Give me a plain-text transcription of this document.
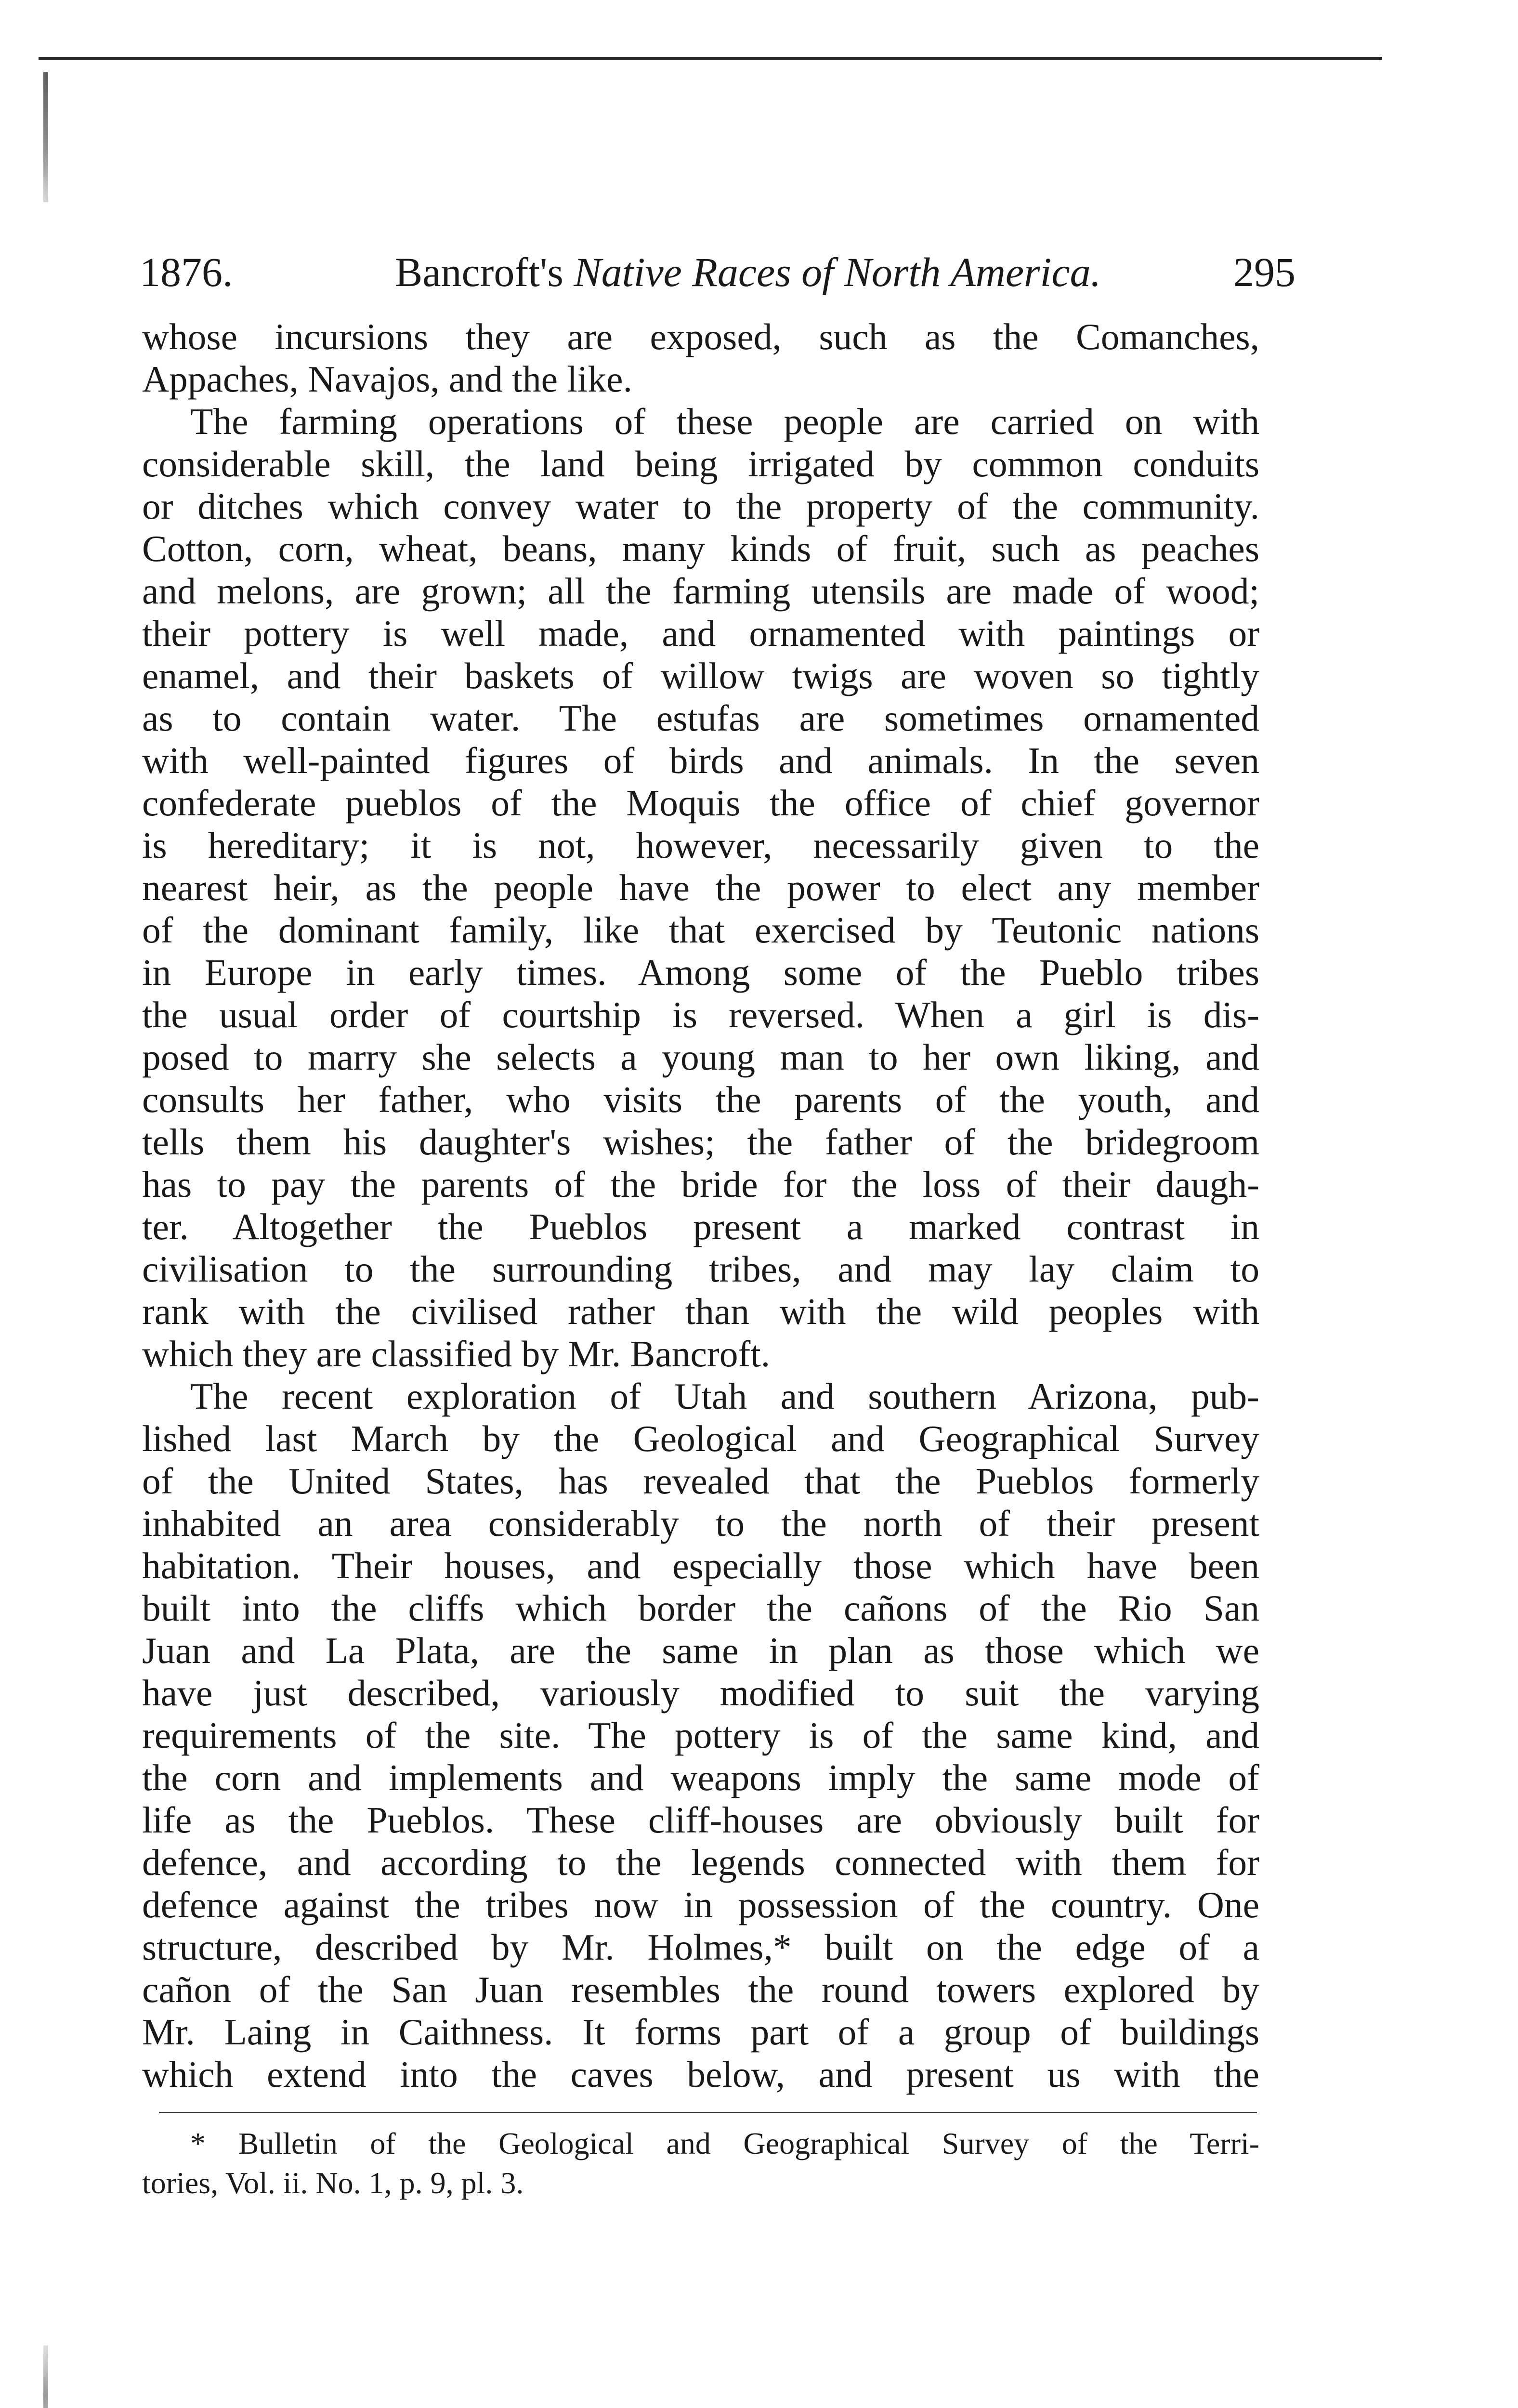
1876.	Bancroft's Native Races of North America.	295
whose incursions they are exposed, such as the Comanches,
Appaches, Navajos, and the like.
The farming operations of these people are carried on with
considerable skill, the land being irrigated by common conduits
or ditches which convey water to the property of the community.
Cotton, corn, wheat, beans, many kinds of fruit, such as peaches
and melons, are grown; all the farming utensils are made of wood;
their pottery is well made, and ornamented with paintings or
enamel, and their baskets of willow twigs are woven so tightly
as to contain water. The estufas are sometimes ornamented
with well-painted figures of birds and animals. In the seven
confederate pueblos of the Moquis the office of chief governor
is hereditary; it is not, however, necessarily given to the
nearest heir, as the people have the power to elect any member
of the dominant family, like that exercised by Teutonic nations
in Europe in early times. Among some of the Pueblo tribes
the usual order of courtship is reversed. When a girl is dis-
posed to marry she selects a young man to her own liking, and
consults her father, who visits the parents of the youth, and
tells them his daughter's wishes; the father of the bridegroom
has to pay the parents of the bride for the loss of their daugh-
ter. Altogether the Pueblos present a marked contrast in
civilisation to the surrounding tribes, and may lay claim to
rank with the civilised rather than with the wild peoples with
which they are classified by Mr. Bancroft.
The recent exploration of Utah and southern Arizona, pub-
lished last March by the Geological and Geographical Survey
of the United States, has revealed that the Pueblos formerly
inhabited an area considerably to the north of their present
habitation. Their houses, and especially those which have been
built into the cliffs which border the cañons of the Rio San
Juan and La Plata, are the same in plan as those which we
have just described, variously modified to suit the varying
requirements of the site. The pottery is of the same kind, and
the corn and implements and weapons imply the same mode of
life as the Pueblos. These cliff-houses are obviously built for
defence, and according to the legends connected with them for
defence against the tribes now in possession of the country. One
structure, described by Mr. Holmes,* built on the edge of a
cañon of the San Juan resembles the round towers explored by
Mr. Laing in Caithness. It forms part of a group of buildings
which extend into the caves below, and present us with the
* Bulletin of the Geological and Geographical Survey of the Terri-
tories, Vol. ii. No. 1, p. 9, pl. 3.
